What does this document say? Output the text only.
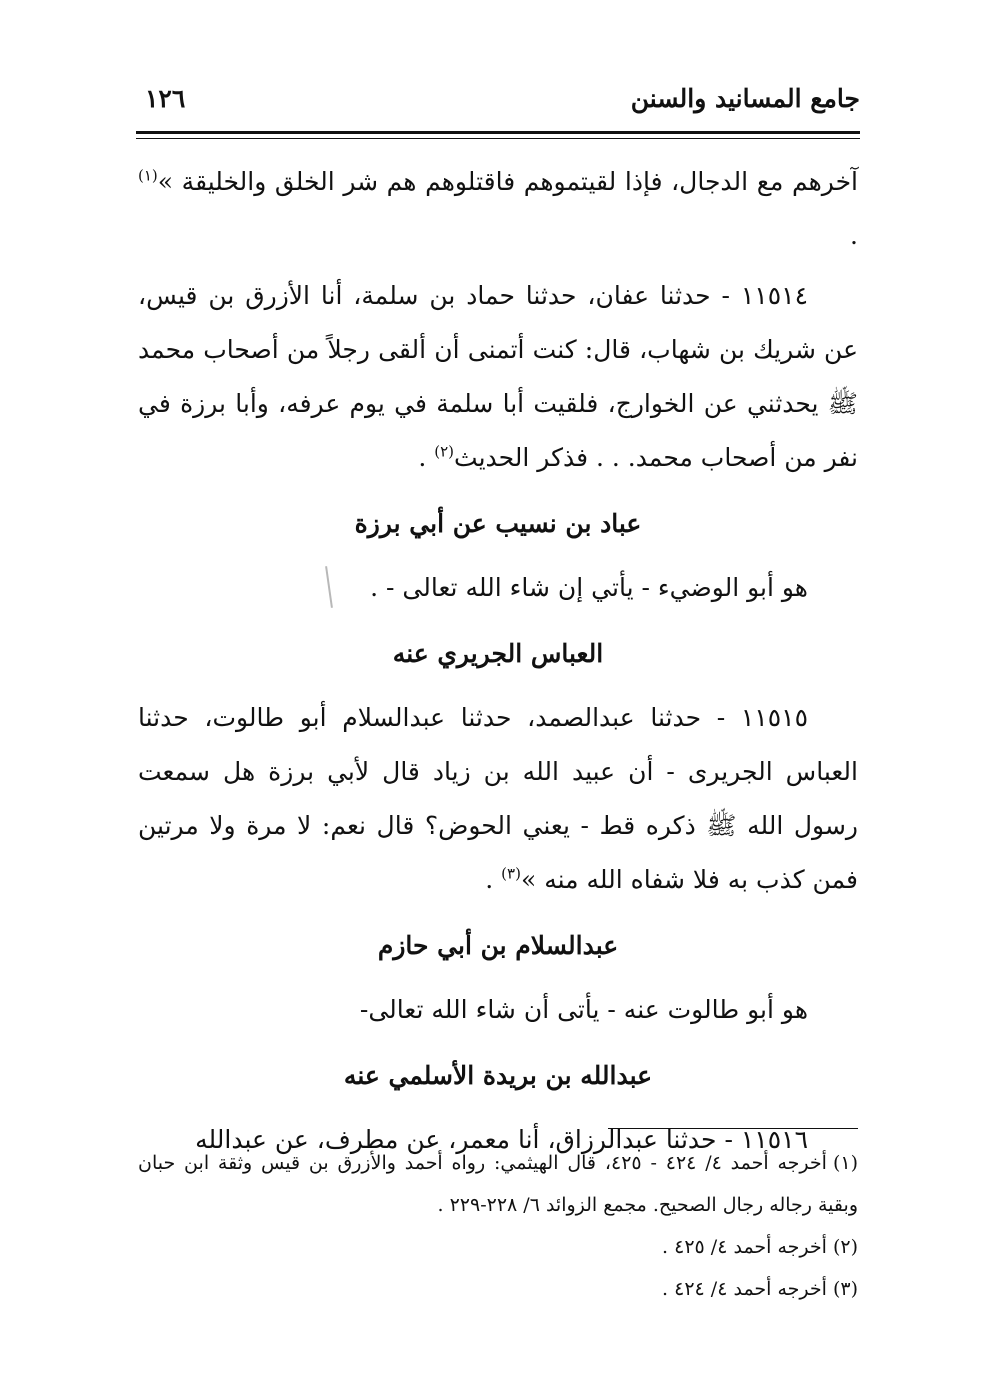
جامع المسانيد والسنن
١٢٦

آخرهم مع الدجال، فإذا لقيتموهم فاقتلوهم هم شر الخلق والخليقة »$^{(١)}$ .

١١٥١٤ - حدثنا عفان، حدثنا حماد بن سلمة، أنا الأزرق بن قيس، عن شريك بن شهاب، قال: كنت أتمنى أن ألقى رجلاً من أصحاب محمد ﷺ يحدثني عن الخوارج، فلقيت أبا سلمة في يوم عرفه، وأبا برزة في نفر من أصحاب محمد. . . فذكر الحديث$^{(٢)}$ .

عباد بن نسيب عن أبي برزة

هو أبو الوضيء - يأتي إن شاء الله تعالى - .

العباس الجريري عنه

١١٥١٥ - حدثنا عبدالصمد، حدثنا عبدالسلام أبو طالوت، حدثنا العباس الجريرى - أن عبيد الله بن زياد قال لأبي برزة هل سمعت رسول الله ﷺ ذكره قط - يعني الحوض؟ قال نعم: لا مرة ولا مرتين فمن كذب به فلا شفاه الله منه »$^{(٣)}$ .

عبدالسلام بن أبي حازم

هو أبو طالوت عنه - يأتى أن شاء الله تعالى-

عبدالله بن بريدة الأسلمي عنه

١١٥١٦ - حدثنا عبدالرزاق، أنا معمر، عن مطرف، عن عبدالله

(١)أخرجه أحمد ٤/ ٤٢٤ - ٤٢٥، قال الهيثمي: رواه أحمد والأزرق بن قيس وثقة ابن حبان وبقية رجاله رجال الصحيح. مجمع الزوائد ٦/ ٢٢٨-٢٢٩ .

(٢)أخرجه أحمد ٤/ ٤٢٥ .

(٣)أخرجه أحمد ٤/ ٤٢٤ .
